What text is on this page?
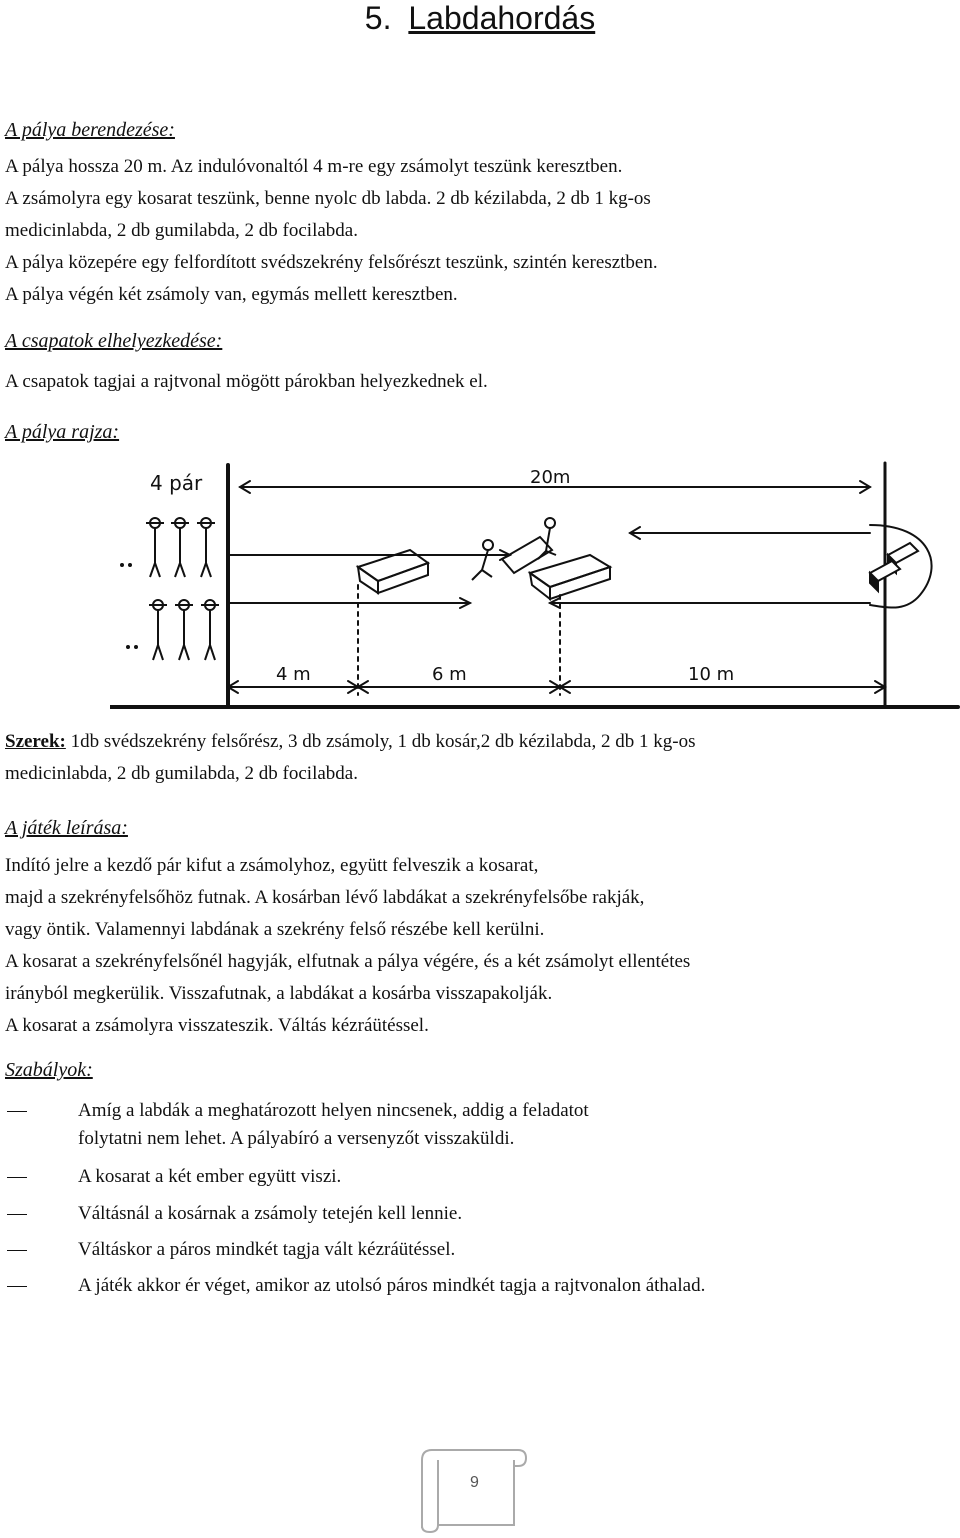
5. Labdahordás
A pálya berendezése:
A pálya hossza 20 m. Az indulóvonaltól 4 m-re egy zsámolyt teszünk keresztben.
A zsámolyra egy kosarat teszünk, benne nyolc db labda. 2 db kézilabda, 2 db 1 kg-os
medicinlabda, 2 db gumilabda, 2 db focilabda.
A pálya közepére egy felfordított svédszekrény felsőrészt teszünk, szintén keresztben.
A pálya végén két zsámoly van, egymás mellett keresztben.
A csapatok elhelyezkedése:
A csapatok tagjai a rajtvonal mögött párokban helyezkednek el.
A pálya rajza:
4 pár	20m
4 m	6 m	10 m
Szerek: 1db svédszekrény felsőrész, 3 db zsámoly, 1 db kosár,2 db kézilabda, 2 db 1 kg-os
medicinlabda, 2 db gumilabda, 2 db focilabda.
A játék leírása:
Indító jelre a kezdő pár kifut a zsámolyhoz, együtt felveszik a kosarat,
majd a szekrényfelsőhöz futnak. A kosárban lévő labdákat a szekrényfelsőbe rakják,
vagy öntik. Valamennyi labdának a szekrény felső részébe kell kerülni.
A kosarat a szekrényfelsőnél hagyják, elfutnak a pálya végére, és a két zsámolyt ellentétes
irányból megkerülik. Visszafutnak, a labdákat a kosárba visszapakolják.
A kosarat a zsámolyra visszateszik. Váltás kézráütéssel.
Szabályok:
Amíg a labdák a meghatározott helyen nincsenek, addig a feladatot
folytatni nem lehet. A pályabíró a versenyzőt visszaküldi.
A kosarat a két ember együtt viszi.
Váltásnál a kosárnak a zsámoly tetején kell lennie.
Váltáskor a páros mindkét tagja vált kézráütéssel.
A játék akkor ér véget, amikor az utolsó páros mindkét tagja a rajtvonalon áthalad.
9
